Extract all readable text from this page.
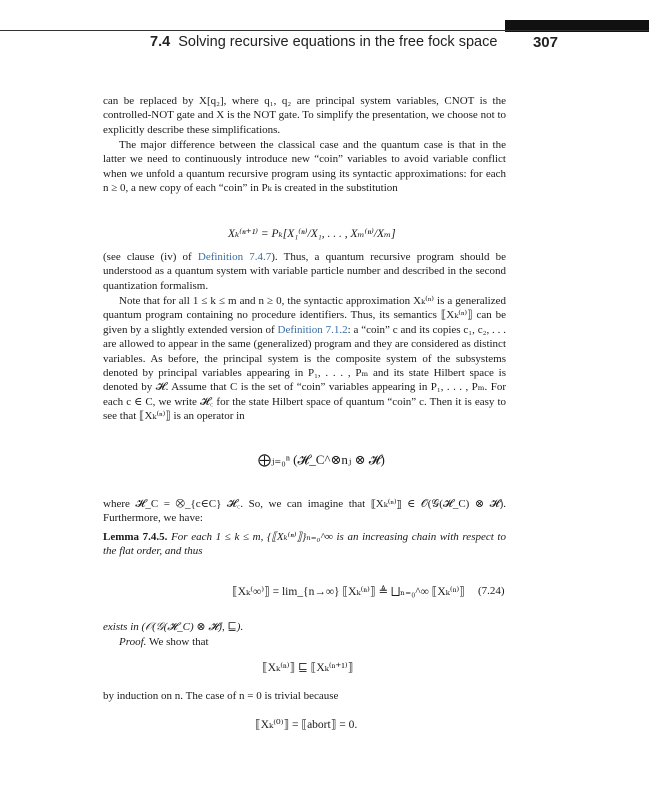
7.4 Solving recursive equations in the free fock space 307
can be replaced by X[q₂], where q₁, q₂ are principal system variables, CNOT is the controlled-NOT gate and X is the NOT gate. To simplify the presentation, we choose not to explicitly describe these simplifications.
The major difference between the classical case and the quantum case is that in the latter we need to continuously introduce new “coin” variables to avoid variable conflict when we unfold a quantum recursive program using its syntactic approximations: for each n ≥ 0, a new copy of each “coin” in Pₖ is created in the substitution
Xₖ⁽ⁿ⁺¹⁾ = Pₖ[X₁⁽ⁿ⁾/X₁, . . . , Xₘ⁽ⁿ⁾/Xₘ]
(see clause (iv) of Definition 7.4.7). Thus, a quantum recursive program should be understood as a quantum system with variable particle number and described in the second quantization formalism.
Note that for all 1 ≤ k ≤ m and n ≥ 0, the syntactic approximation Xₖ⁽ⁿ⁾ is a generalized quantum program containing no procedure identifiers. Thus, its semantics ⟦Xₖ⁽ⁿ⁾⟧ can be given by a slightly extended version of Definition 7.1.2: a “coin” c and its copies c₁, c₂, . . . are allowed to appear in the same (generalized) program and they are considered as distinct variables. As before, the principal system is the composite system of the subsystems denoted by principal variables appearing in P₁, . . . , Pₘ and its state Hilbert space is denoted by 𝓗. Assume that C is the set of “coin” variables appearing in P₁, . . . , Pₘ. For each c ∈ C, we write 𝓗꜀ for the state Hilbert space of quantum “coin” c. Then it is easy to see that ⟦Xₖ⁽ⁿ⁾⟧ is an operator in
⨁ⱼ₌₀ⁿ (𝓗_C^⊗nⱼ ⊗ 𝓗)
where 𝓗_C = ⨂_{c∈C} 𝓗꜀. So, we can imagine that ⟦Xₖ⁽ⁿ⁾⟧ ∈ 𝒪(𝒢(𝓗_C) ⊗ 𝓗). Furthermore, we have:
Lemma 7.4.5. For each 1 ≤ k ≤ m, {⟦Xₖ⁽ⁿ⁾⟧}ₙ₌₀^∞ is an increasing chain with respect to the flat order, and thus
⟦Xₖ⁽∞⁾⟧ = lim_{n→∞} ⟦Xₖ⁽ⁿ⁾⟧ ≜ ⨆ₙ₌₀^∞ ⟦Xₖ⁽ⁿ⁾⟧ (7.24)
exists in (𝒪(𝒢(𝓗_C) ⊗ 𝓗), ⊑).
Proof. We show that
⟦Xₖ⁽ⁿ⁾⟧ ⊑ ⟦Xₖ⁽ⁿ⁺¹⁾⟧
by induction on n. The case of n = 0 is trivial because
⟦Xₖ⁽⁰⁾⟧ = ⟦abort⟧ = 0.
